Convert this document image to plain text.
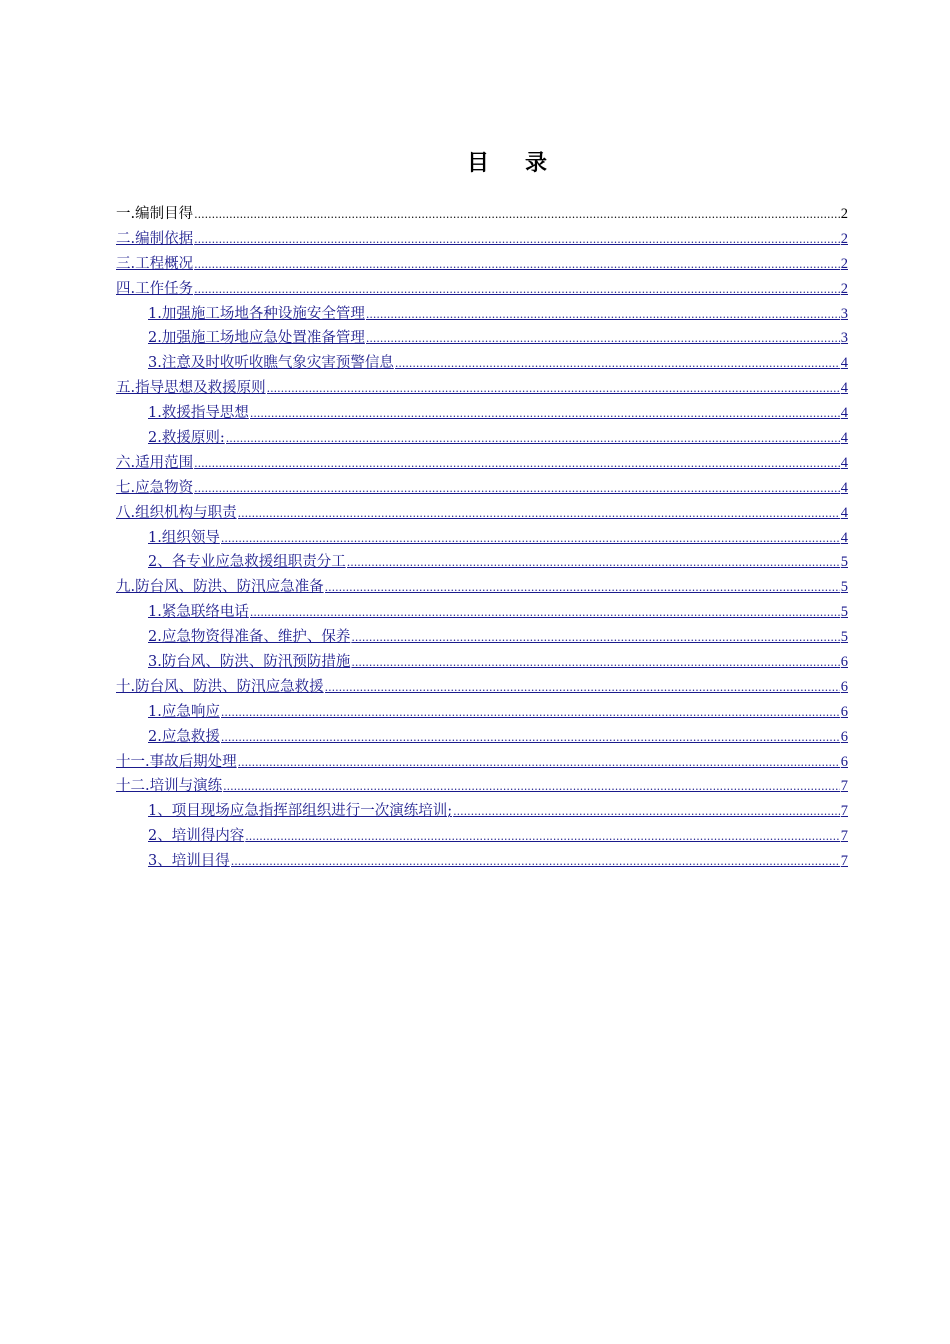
目录
一.编制目得 .....	2
二.编制依据 .....	2
三.工程概况 .....	2
四.工作任务 .....	2
1.加强施工场地各种设施安全管理 .....	3
2.加强施工场地应急处置准备管理 .....	3
3.注意及时收听收瞧气象灾害预警信息 .....	4
五.指导思想及救援原则 .....	4
1.救援指导思想 .....	4
2.救援原则: .....	4
六.适用范围 .....	4
七.应急物资 .....	4
八.组织机构与职责 .....	4
1.组织领导 .....	4
2、各专业应急救援组职责分工 .....	5
九.防台风、防洪、防汛应急准备 .....	5
1.紧急联络电话 .....	5
2.应急物资得准备、维护、保养 .....	5
3.防台风、防洪、防汛预防措施 .....	6
十.防台风、防洪、防汛应急救援 .....	6
1.应急响应 .....	6
2.应急救援 .....	6
十一.事故后期处理 .....	6
十二.培训与演练 .....	7
1、项目现场应急指挥部组织进行一次演练培训; .....	7
2、培训得内容 .....	7
3、培训目得 .....	7
